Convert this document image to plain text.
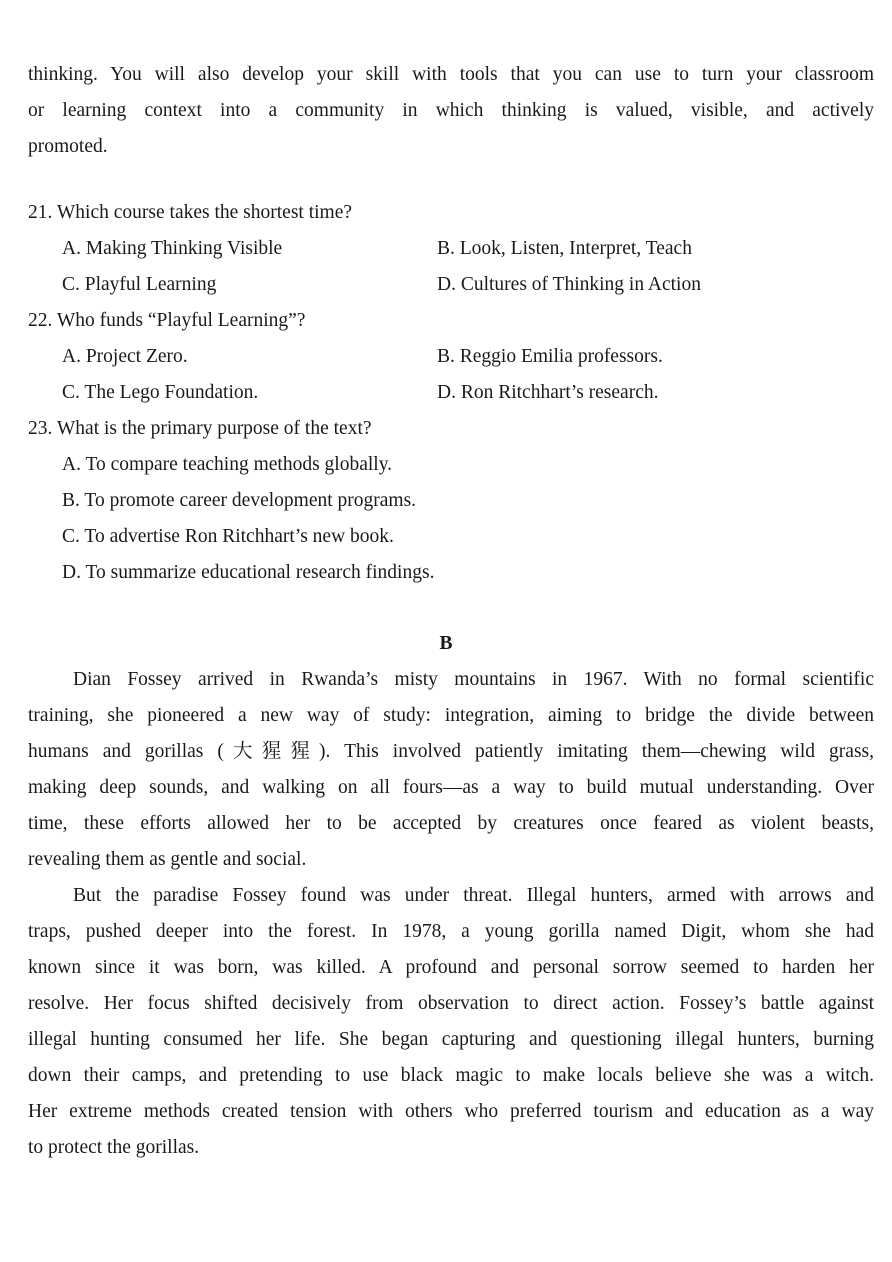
thinking. You will also develop your skill with tools that you can use to turn your classroom
or learning context into a community in which thinking is valued, visible, and actively
promoted.

21. Which course takes the shortest time?
A. Making Thinking Visible	B. Look, Listen, Interpret, Teach
C. Playful Learning	D. Cultures of Thinking in Action
22. Who funds “Playful Learning”?
A. Project Zero.	B. Reggio Emilia professors.
C. The Lego Foundation.	D. Ron Ritchhart’s research.
23. What is the primary purpose of the text?
A. To compare teaching methods globally.
B. To promote career development programs.
C. To advertise Ron Ritchhart’s new book.
D. To summarize educational research findings.
B

Dian Fossey arrived in Rwanda’s misty mountains in 1967. With no formal scientific
training, she pioneered a new way of study: integration, aiming to bridge the divide between
humans and gorillas (大猩猩). This involved patiently imitating them—chewing wild grass,
making deep sounds, and walking on all fours—as a way to build mutual understanding. Over
time, these efforts allowed her to be accepted by creatures once feared as violent beasts,
revealing them as gentle and social.

But the paradise Fossey found was under threat. Illegal hunters, armed with arrows and
traps, pushed deeper into the forest. In 1978, a young gorilla named Digit, whom she had
known since it was born, was killed. A profound and personal sorrow seemed to harden her
resolve. Her focus shifted decisively from observation to direct action. Fossey’s battle against
illegal hunting consumed her life. She began capturing and questioning illegal hunters, burning
down their camps, and pretending to use black magic to make locals believe she was a witch.
Her extreme methods created tension with others who preferred tourism and education as a way
to protect the gorillas.
